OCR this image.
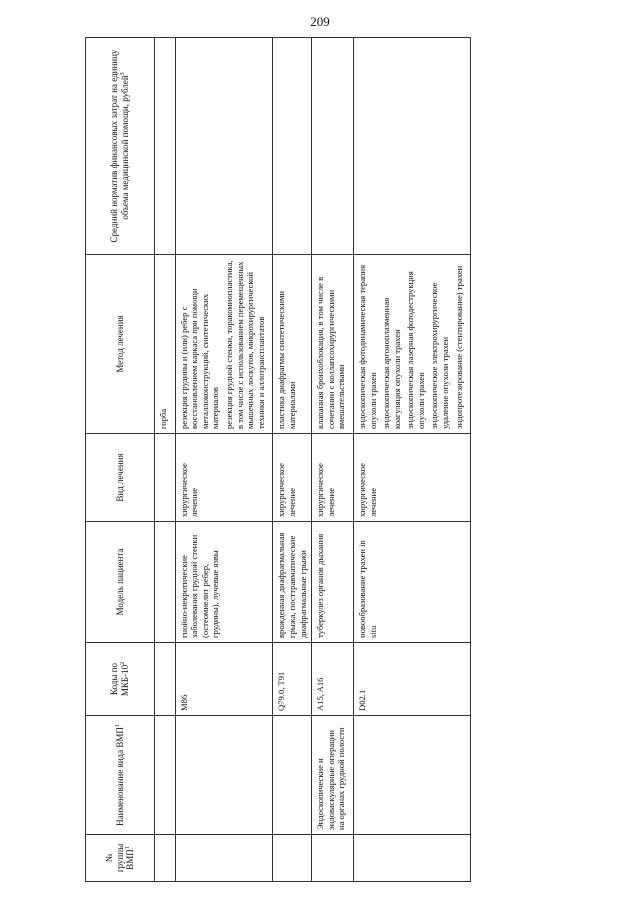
209
№ группы ВМП$^1$	Наименование вида ВМП$^1$	Коды по МКБ-$10^2$	Модель пациента	Вид лечения	Метод лечения	Средний норматив финансовых затрат на единицу объема медицинской помощи, рублей$^3$

					горба	

		M86	гнойно-некротические заболевания грудной стенки (остеомиелит ребер, грудины), лучевые язвы	хирургическое лечение	резекция грудины и (или) ребер с восстановлением каркаса при помощи металлоконструкций, синтетических материалов резекция грудной стенки, торакомиопластика, в том числе с использованием перемещенных мышечных лоскутов, микрохирургической техники и аллотрансплантатов	

		Q79.0, T91	врожденная диафрагмальная грыжа, посттравматические диафрагмальные грыжи	хирургическое лечение	пластика диафрагмы синтетическими материалами	

	Эндоскопические и эндоваскулярные операции на органах грудной полости	A15, A16	туберкулез органов дыхания	хирургическое лечение	клапанная бронхоблокация, в том числе в сочетании с коллапсохирургическими вмешательствами	

		D02.1	новообразование трахеи in situ	хирургическое лечение	эндоскопическая фотодинамическая терапия опухоли трахеи эндоскопическая аргоноплазменная коагуляция опухоли трахеи эндоскопическая лазерная фотодеструкция опухоли трахеи эндоскопическое электрохирургическое удаление опухоли трахеи эндопротезирование (стентирование) трахеи	
